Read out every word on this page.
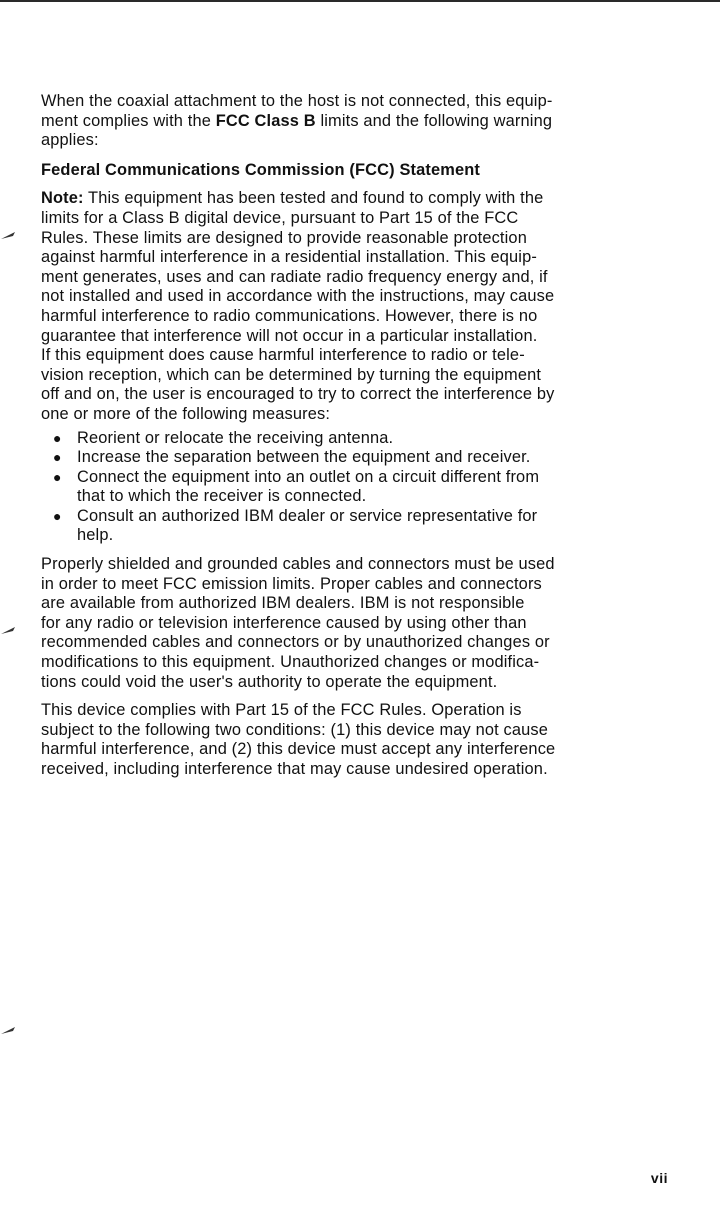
When the coaxial attachment to the host is not connected, this equip-
ment complies with the FCC Class B limits and the following warning
applies:

Federal Communications Commission (FCC) Statement

Note: This equipment has been tested and found to comply with the
limits for a Class B digital device, pursuant to Part 15 of the FCC
Rules. These limits are designed to provide reasonable protection
against harmful interference in a residential installation. This equip-
ment generates, uses and can radiate radio frequency energy and, if
not installed and used in accordance with the instructions, may cause
harmful interference to radio communications. However, there is no
guarantee that interference will not occur in a particular installation.
If this equipment does cause harmful interference to radio or tele-
vision reception, which can be determined by turning the equipment
off and on, the user is encouraged to try to correct the interference by
one or more of the following measures:

● Reorient or relocate the receiving antenna.
● Increase the separation between the equipment and receiver.
● Connect the equipment into an outlet on a circuit different from
that to which the receiver is connected.
● Consult an authorized IBM dealer or service representative for
help.

Properly shielded and grounded cables and connectors must be used
in order to meet FCC emission limits. Proper cables and connectors
are available from authorized IBM dealers. IBM is not responsible
for any radio or television interference caused by using other than
recommended cables and connectors or by unauthorized changes or
modifications to this equipment. Unauthorized changes or modifica-
tions could void the user's authority to operate the equipment.

This device complies with Part 15 of the FCC Rules. Operation is
subject to the following two conditions: (1) this device may not cause
harmful interference, and (2) this device must accept any interference
received, including interference that may cause undesired operation.

vii
